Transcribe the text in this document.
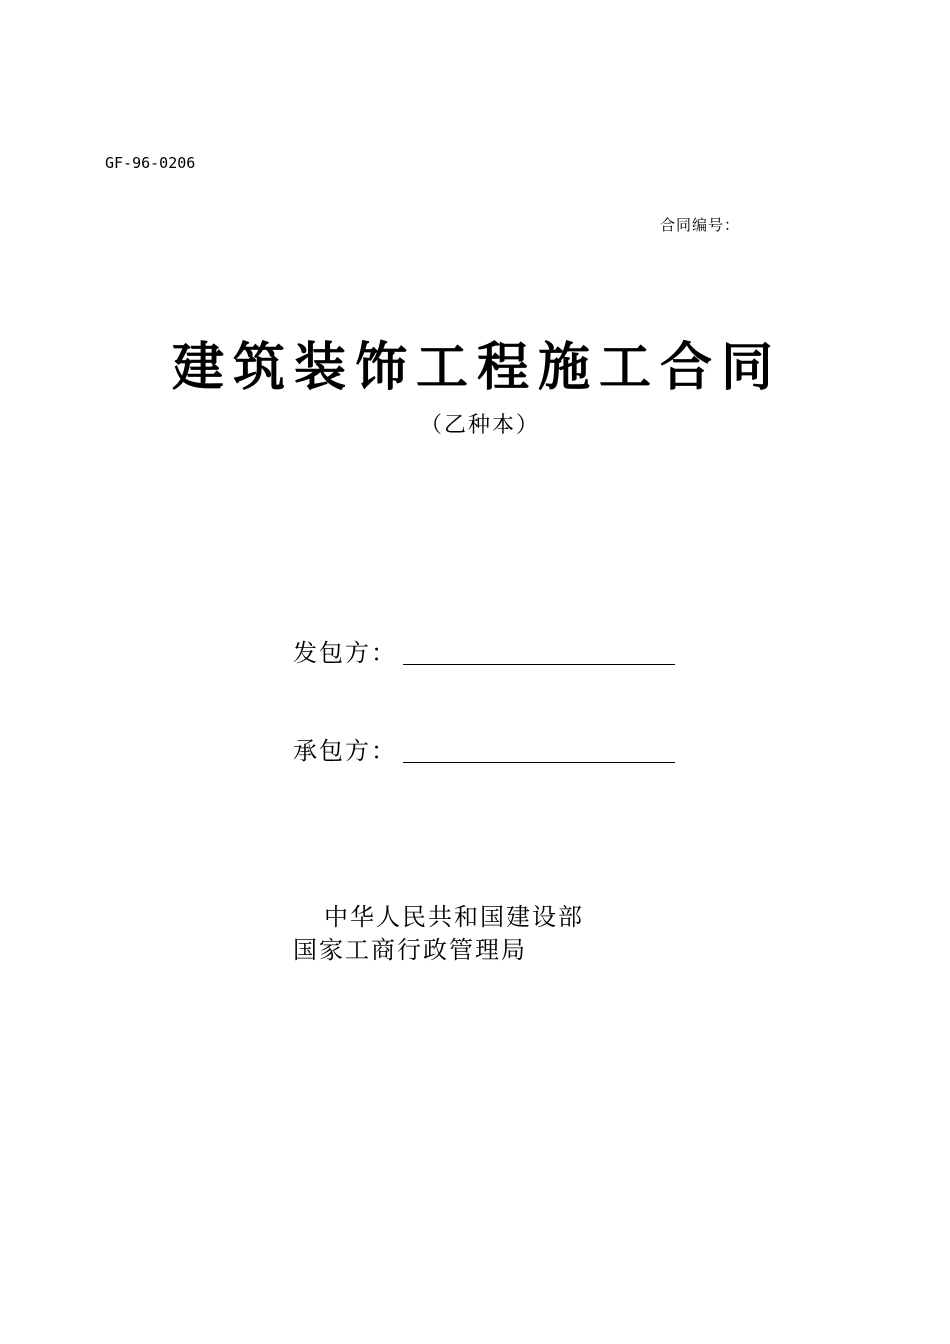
GF-96-0206
合同编号：
建筑装饰工程施工合同
（乙种本）
发包方：
承包方：
中华人民共和国建设部
国家工商行政管理局
